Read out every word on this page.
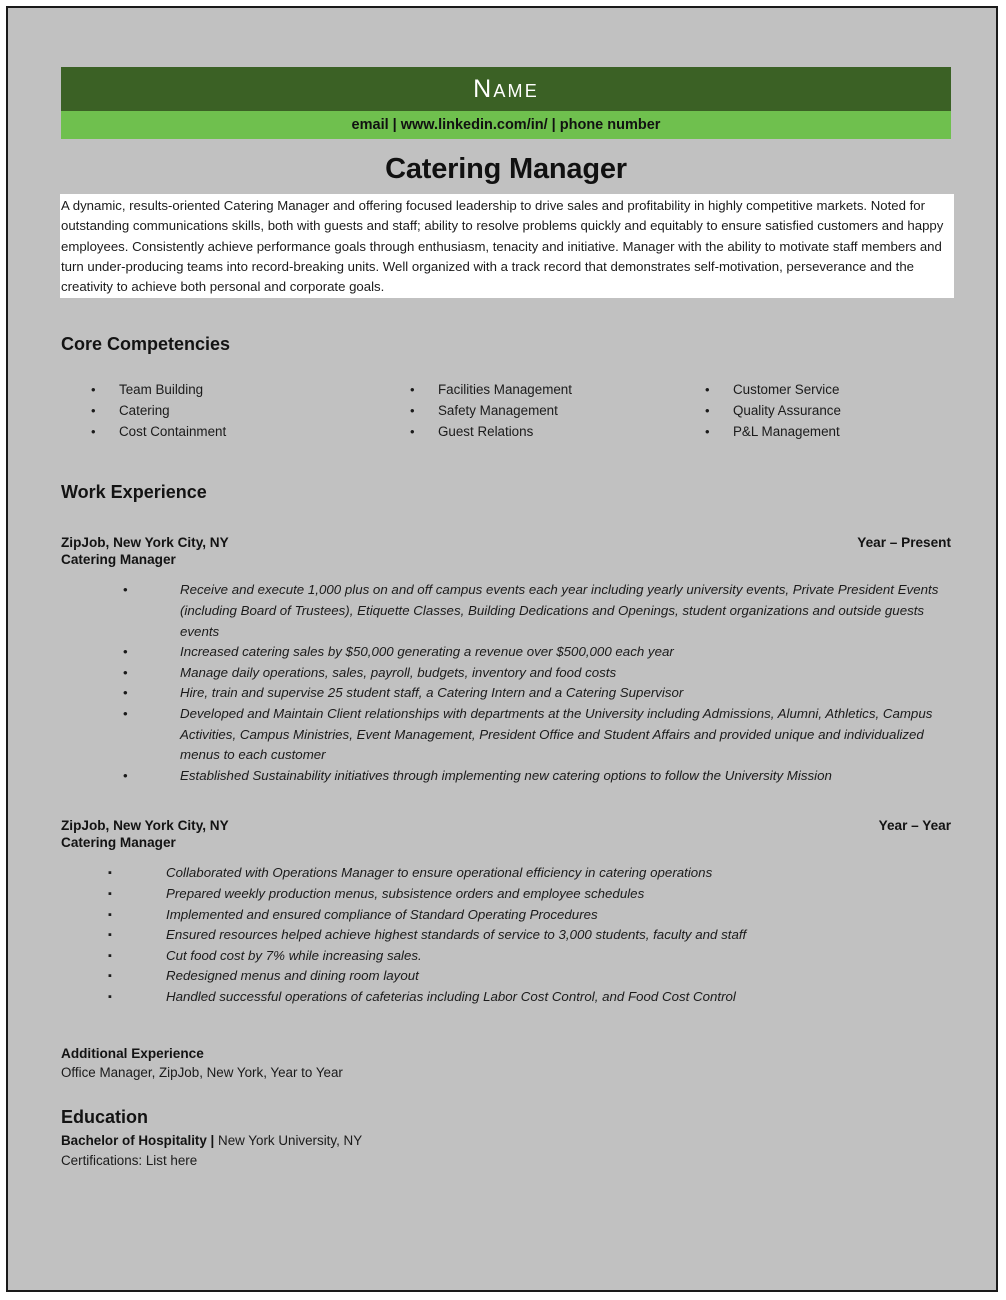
Name
email | www.linkedin.com/in/ | phone number
Catering Manager
A dynamic, results-oriented Catering Manager and offering focused leadership to drive sales and profitability in highly competitive markets. Noted for outstanding communications skills, both with guests and staff; ability to resolve problems quickly and equitably to ensure satisfied customers and happy employees. Consistently achieve performance goals through enthusiasm, tenacity and initiative. Manager with the ability to motivate staff members and turn under-producing teams into record-breaking units. Well organized with a track record that demonstrates self-motivation, perseverance and the creativity to achieve both personal and corporate goals.
Core Competencies
•	Team Building
•	Catering
•	Cost Containment
•	Facilities Management
•	Safety Management
•	Guest Relations
•	Customer Service
•	Quality Assurance
•	P&L Management
Work Experience
ZipJob, New York City, NY	Year – Present
Catering Manager
•	Receive and execute 1,000 plus on and off campus events each year including yearly university events, Private President Events (including Board of Trustees), Etiquette Classes, Building Dedications and Openings, student organizations and outside guests events
•	Increased catering sales by $50,000 generating a revenue over $500,000 each year
•	Manage daily operations, sales, payroll, budgets, inventory and food costs
•	Hire, train and supervise 25 student staff, a Catering Intern and a Catering Supervisor
•	Developed and Maintain Client relationships with departments at the University including Admissions, Alumni, Athletics, Campus Activities, Campus Ministries, Event Management, President Office and Student Affairs and provided unique and individualized menus to each customer
•	Established Sustainability initiatives through implementing new catering options to follow the University Mission
ZipJob, New York City, NY	Year – Year
Catering Manager
▪	Collaborated with Operations Manager to ensure operational efficiency in catering operations
▪	Prepared weekly production menus, subsistence orders and employee schedules
▪	Implemented and ensured compliance of Standard Operating Procedures
▪	Ensured resources helped achieve highest standards of service to 3,000 students, faculty and staff
▪	Cut food cost by 7% while increasing sales.
▪	Redesigned menus and dining room layout
▪	Handled successful operations of cafeterias including Labor Cost Control, and Food Cost Control
Additional Experience
Office Manager, ZipJob, New York, Year to Year
Education
Bachelor of Hospitality | New York University, NY
Certifications: List here
